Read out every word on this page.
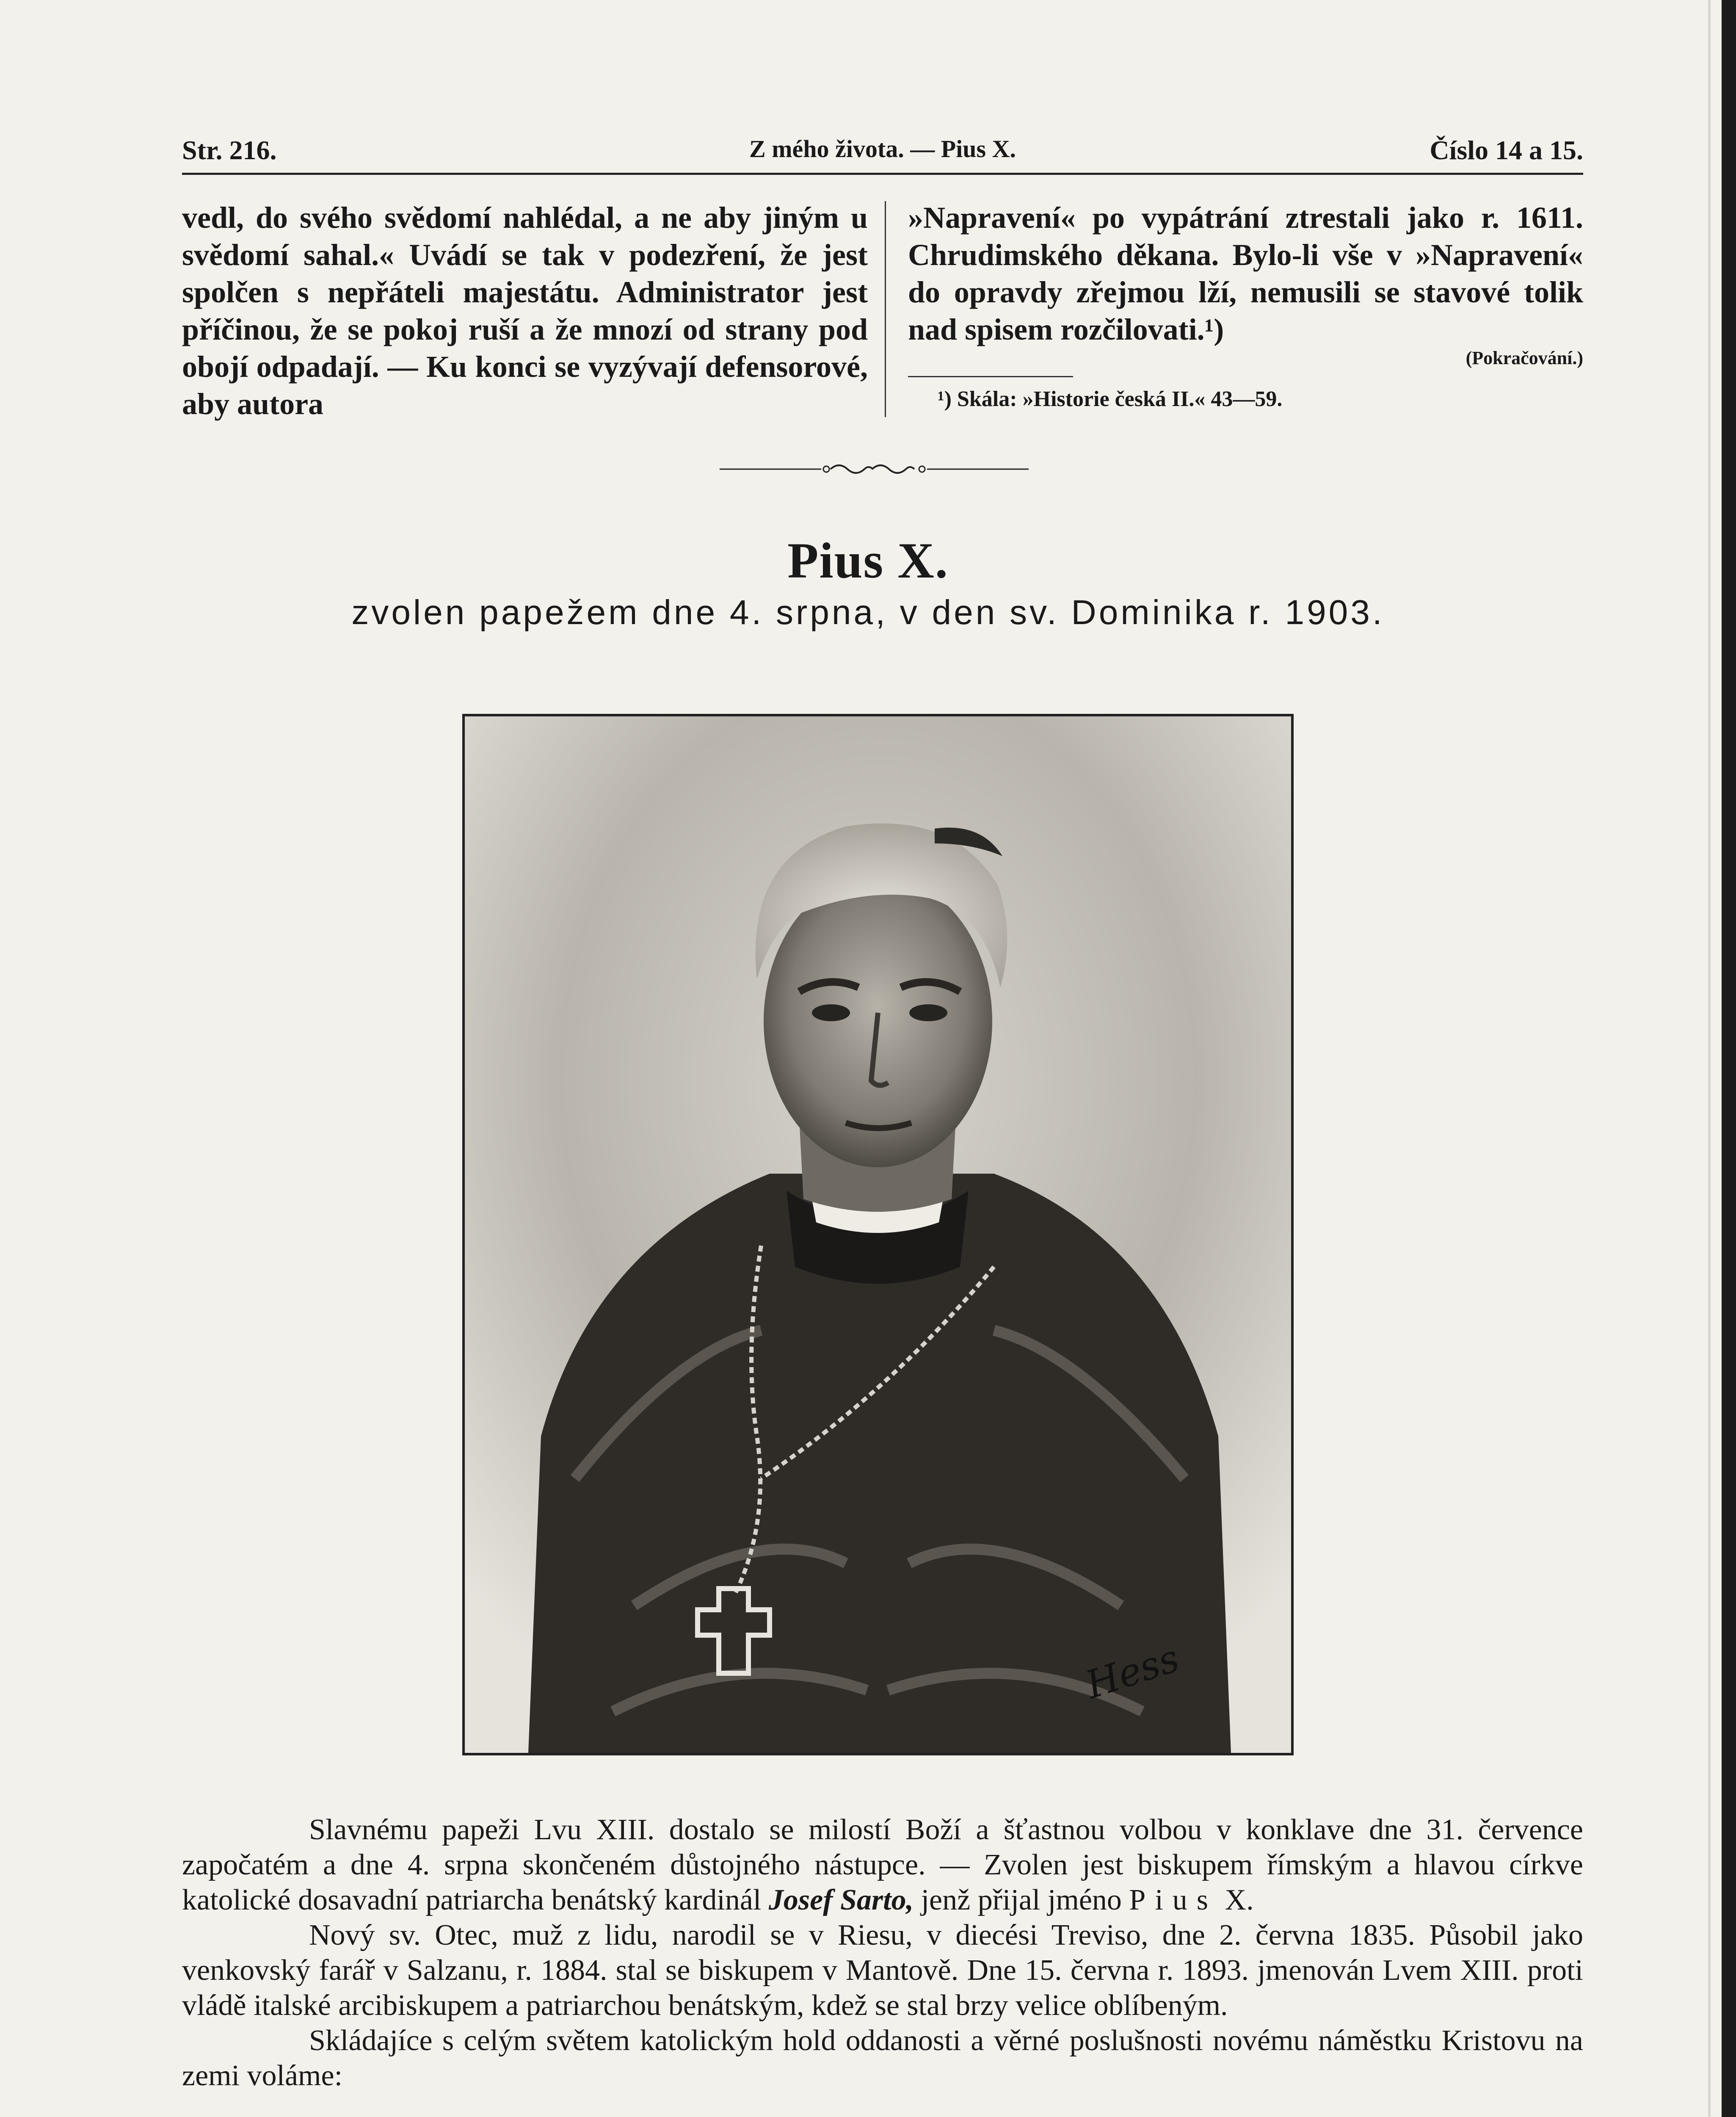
Str. 216.	Z mého života. — Pius X.	Číslo 14 a 15.

vedl, do svého svědomí nahlédal, a ne aby jiným u svědomí sahal.« Uvádí se tak v podezření, že jest spolčen s nepřáteli majestátu. Administrator jest příčinou, že se pokoj ruší a že mnozí od strany pod obojí odpadají. — Ku konci se vyzývají defensorové, aby autora

»Napravení« po vypátrání ztrestali jako r. 1611. Chrudimského děkana. Bylo-li vše v »Napravení« do opravdy zřejmou lží, nemusili se stavové tolik nad spisem rozčilovati.¹)

(Pokračování.)
¹) Skála: »Historie česká II.« 43—59.
Pius X.
zvolen papežem dne 4. srpna, v den sv. Dominika r. 1903.
Hess

Slavnému papeži Lvu XIII. dostalo se milostí Boží a šťastnou volbou v konklave dne 31. července započatém a dne 4. srpna skončeném důstojného nástupce. — Zvolen jest biskupem římským a hlavou církve katolické dosavadní patriarcha benátský kardinál Josef Sarto, jenž přijal jméno Pius X.

Nový sv. Otec, muž z lidu, narodil se v Riesu, v diecési Treviso, dne 2. června 1835. Působil jako venkovský farář v Salzanu, r. 1884. stal se biskupem v Mantově. Dne 15. června r. 1893. jmenován Lvem XIII. proti vládě italské arcibiskupem a patriarchou benátským, kdež se stal brzy velice oblíbeným.

Skládajíce s celým světem katolickým hold oddanosti a věrné poslušnosti novému náměstku Kristovu na zemi voláme:
